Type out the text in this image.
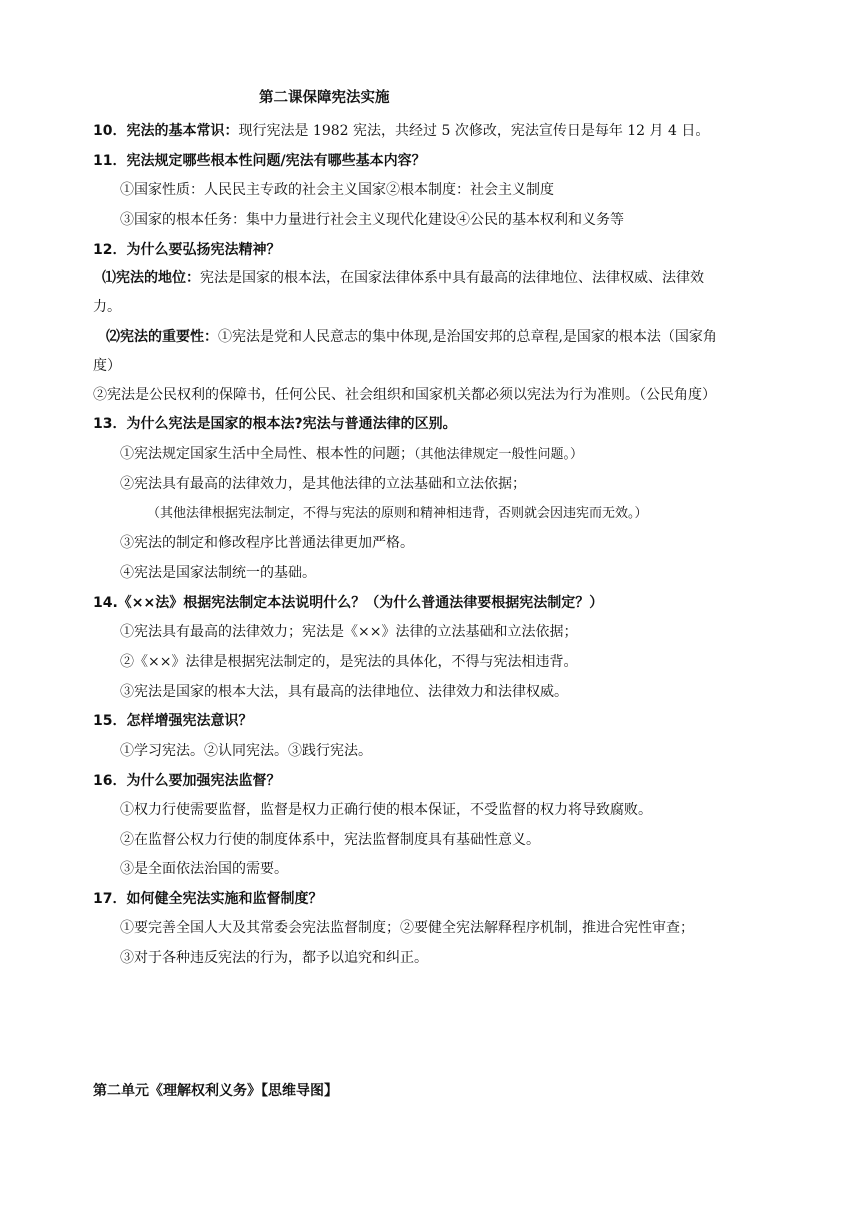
第二课保障宪法实施
10．宪法的基本常识：现行宪法是 1982 宪法，共经过 5 次修改，宪法宣传日是每年 12 月 4 日。
11．宪法规定哪些根本性问题/宪法有哪些基本内容？
①国家性质：人民民主专政的社会主义国家②根本制度：社会主义制度
③国家的根本任务：集中力量进行社会主义现代化建设④公民的基本权利和义务等
12．为什么要弘扬宪法精神？
⑴宪法的地位：宪法是国家的根本法，在国家法律体系中具有最高的法律地位、法律权威、法律效
力。
⑵宪法的重要性：①宪法是党和人民意志的集中体现,是治国安邦的总章程,是国家的根本法（国家角
度）
②宪法是公民权利的保障书，任何公民、社会组织和国家机关都必须以宪法为行为准则。（公民角度）
13．为什么宪法是国家的根本法?宪法与普通法律的区别。
①宪法规定国家生活中全局性、根本性的问题；（其他法律规定一般性问题。）
②宪法具有最高的法律效力，是其他法律的立法基础和立法依据；
（其他法律根据宪法制定，不得与宪法的原则和精神相违背，否则就会因违宪而无效。）
③宪法的制定和修改程序比普通法律更加严格。
④宪法是国家法制统一的基础。
14.《××法》根据宪法制定本法说明什么？（为什么普通法律要根据宪法制定？）
①宪法具有最高的法律效力；宪法是《××》法律的立法基础和立法依据；
②《××》法律是根据宪法制定的，是宪法的具体化，不得与宪法相违背。
③宪法是国家的根本大法，具有最高的法律地位、法律效力和法律权威。
15．怎样增强宪法意识？
①学习宪法。②认同宪法。③践行宪法。
16．为什么要加强宪法监督？
①权力行使需要监督，监督是权力正确行使的根本保证，不受监督的权力将导致腐败。
②在监督公权力行使的制度体系中，宪法监督制度具有基础性意义。
③是全面依法治国的需要。
17．如何健全宪法实施和监督制度？
①要完善全国人大及其常委会宪法监督制度；②要健全宪法解释程序机制，推进合宪性审查；
③对于各种违反宪法的行为，都予以追究和纠正。
第二单元《理解权利义务》【思维导图】
